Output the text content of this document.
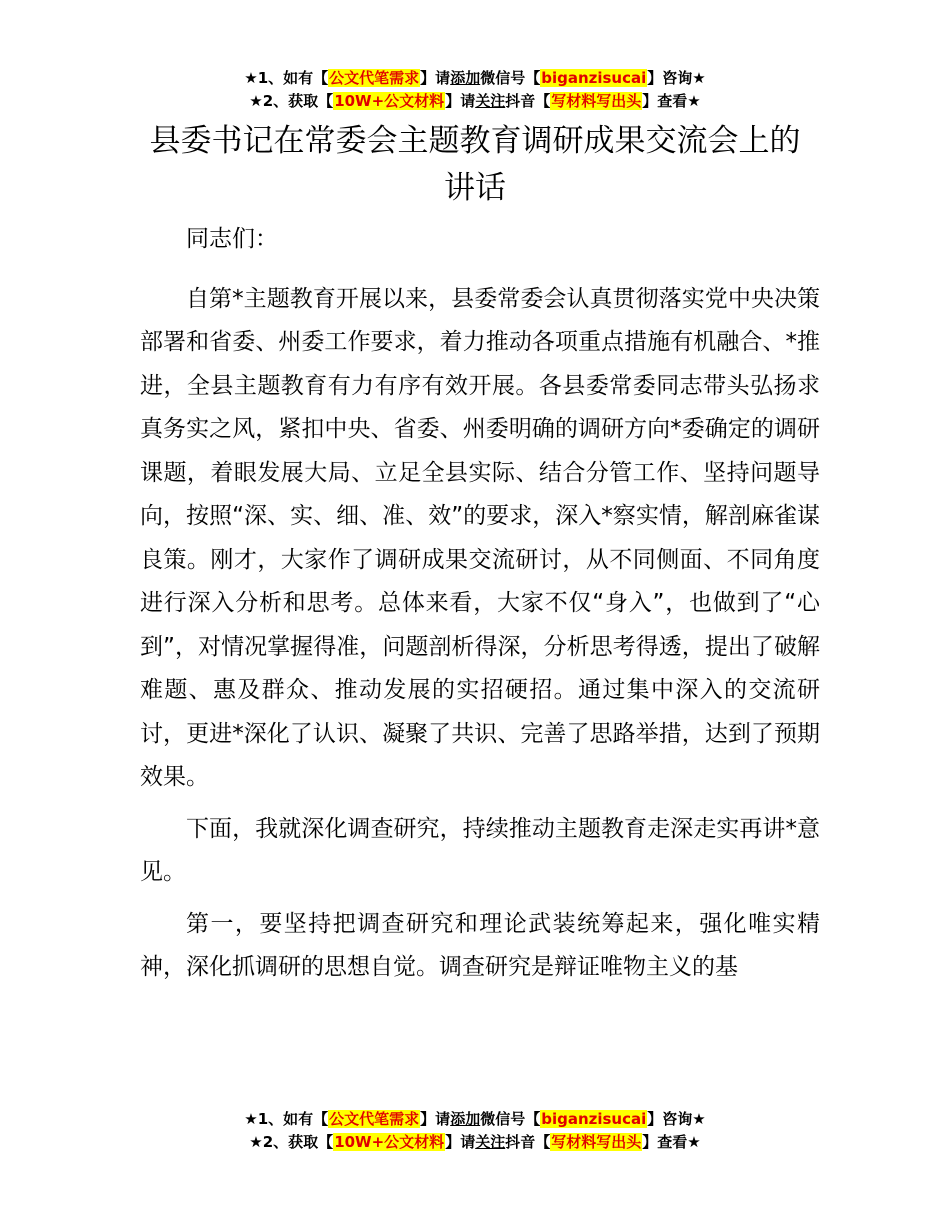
★1、如有【公文代笔需求】请添加微信号【biganzisucai】咨询★
★2、获取【10W+公文材料】请关注抖音【写材料写出头】查看★
县委书记在常委会主题教育调研成果交流会上的讲话

同志们：

自第*主题教育开展以来，县委常委会认真贯彻落实党中央决策部署和省委、州委工作要求，着力推动各项重点措施有机融合、*推进，全县主题教育有力有序有效开展。各县委常委同志带头弘扬求真务实之风，紧扣中央、省委、州委明确的调研方向*委确定的调研课题，着眼发展大局、立足全县实际、结合分管工作、坚持问题导向，按照“深、实、细、准、效”的要求，深入*察实情，解剖麻雀谋良策。刚才，大家作了调研成果交流研讨，从不同侧面、不同角度进行深入分析和思考。总体来看，大家不仅“身入”，也做到了“心到”，对情况掌握得准，问题剖析得深，分析思考得透，提出了破解难题、惠及群众、推动发展的实招硬招。通过集中深入的交流研讨，更进*深化了认识、凝聚了共识、完善了思路举措，达到了预期效果。

下面，我就深化调查研究，持续推动主题教育走深走实再讲*意见。

第一，要坚持把调查研究和理论武装统筹起来，强化唯实精神，深化抓调研的思想自觉。调查研究是辩证唯物主义的基

★1、如有【公文代笔需求】请添加微信号【biganzisucai】咨询★
★2、获取【10W+公文材料】请关注抖音【写材料写出头】查看★
